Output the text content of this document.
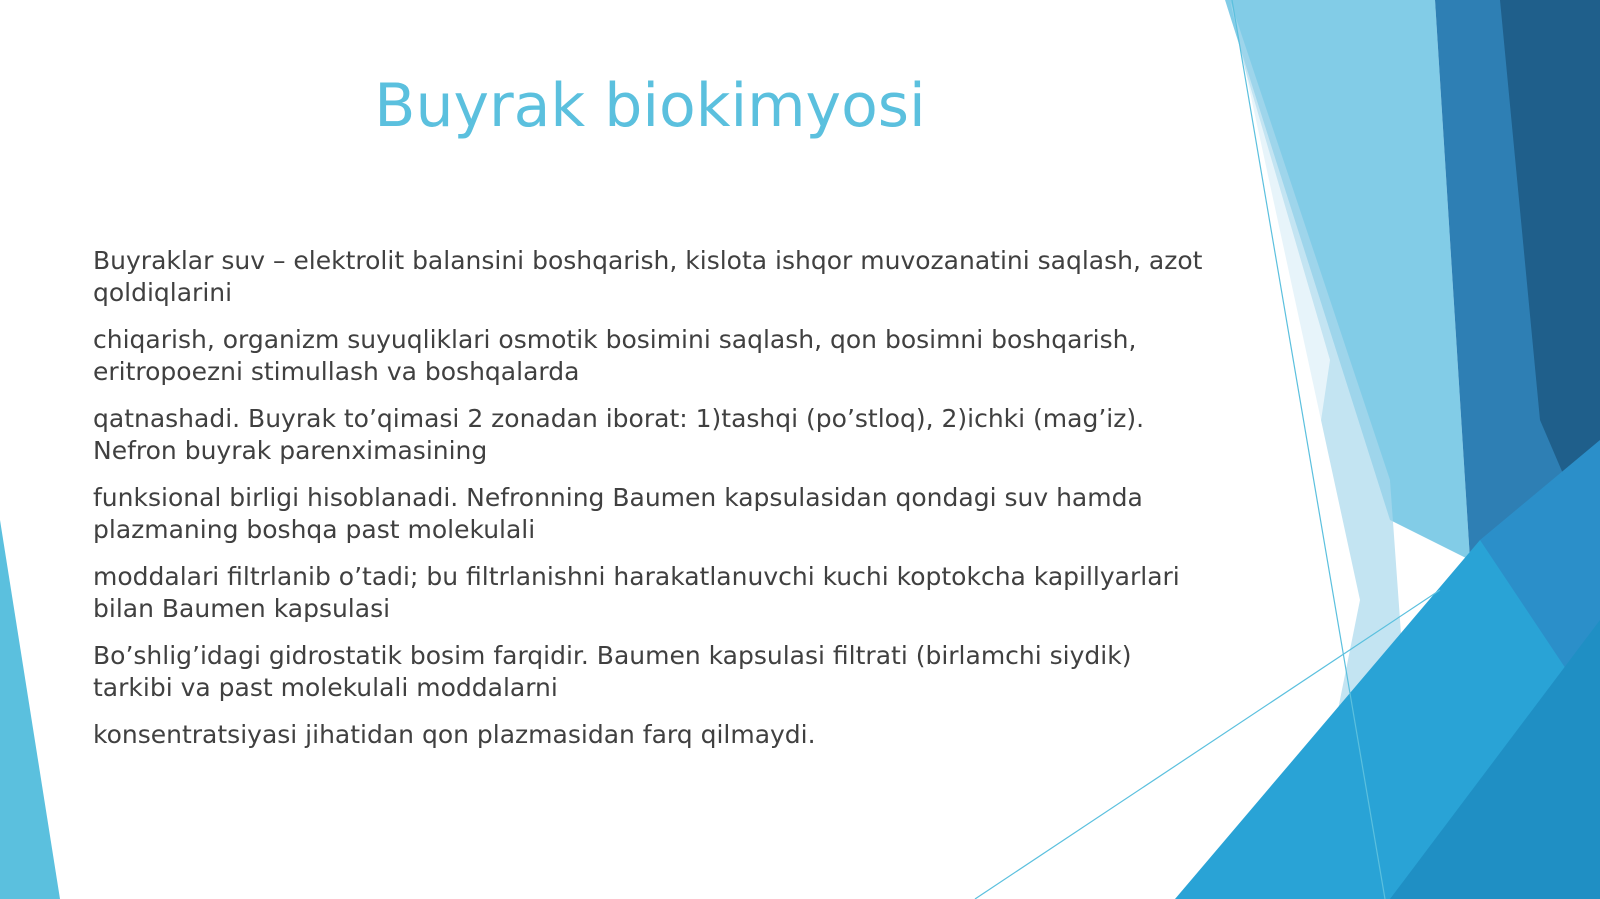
Buyrak biokimyosi

Buyraklar suv – elektrolit balansini boshqarish, kislota ishqor muvozanatini saqlash, azot qoldiqlarini

chiqarish, organizm suyuqliklari osmotik bosimini saqlash, qon bosimni boshqarish, eritropoezni stimullash va boshqalarda

qatnashadi. Buyrak to’qimasi 2 zonadan iborat: 1)tashqi (po’stloq), 2)ichki (mag’iz). Nefron buyrak parenximasining

funksional birligi hisoblanadi. Nefronning Baumen kapsulasidan qondagi suv hamda plazmaning boshqa past molekulali

moddalari filtrlanib o’tadi; bu filtrlanishni harakatlanuvchi kuchi koptokcha kapillyarlari bilan Baumen kapsulasi

Bo’shlig’idagi gidrostatik bosim farqidir. Baumen kapsulasi filtrati (birlamchi siydik) tarkibi va past molekulali moddalarni

konsentratsiyasi jihatidan qon plazmasidan farq qilmaydi.
